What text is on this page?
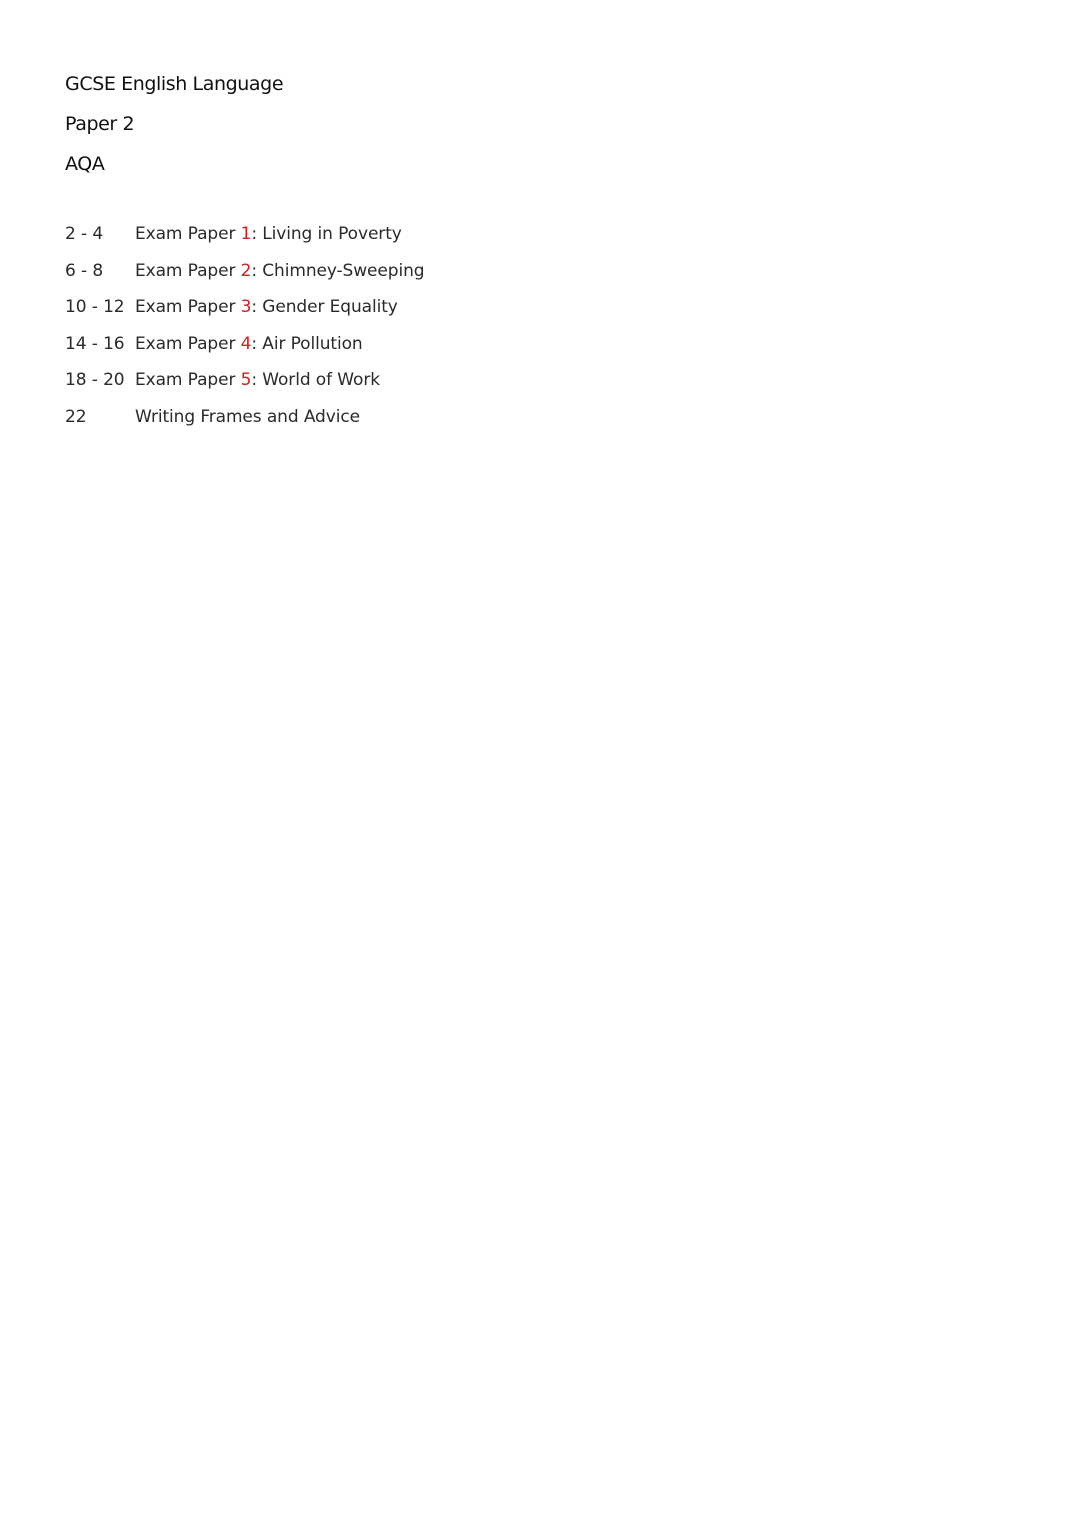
GCSE English Language
Paper 2
AQA
2 - 4	Exam Paper 1: Living in Poverty
6 - 8	Exam Paper 2: Chimney-Sweeping
10 - 12 Exam Paper 3: Gender Equality
14 - 16 Exam Paper 4: Air Pollution
18 - 20 Exam Paper 5: World of Work
22	Writing Frames and Advice
